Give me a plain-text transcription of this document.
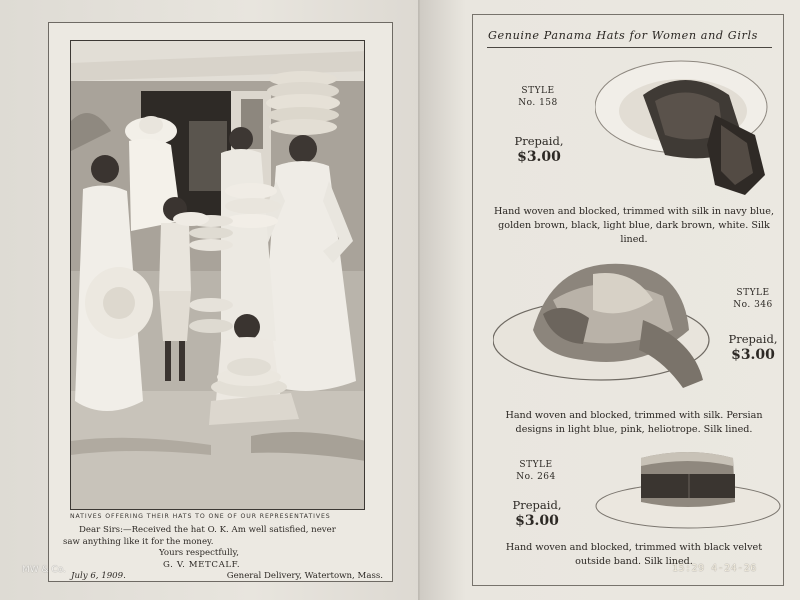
NATIVES OFFERING THEIR HATS TO ONE OF OUR REPRESENTATIVES
Dear Sirs:—Received the hat O. K. Am well satisfied, never
saw anything like it for the money.
Yours respectfully,
G. V. METCALF.
July 6, 1909.	General Delivery, Watertown, Mass.
MW & Co.
Genuine Panama Hats for Women and Girls
STYLE
No. 158
Prepaid,
$3.00
Hand woven and blocked, trimmed with silk in navy blue, golden brown, black, light blue, dark brown, white. Silk lined.
STYLE
No. 346
Prepaid,
$3.00
Hand woven and blocked, trimmed with silk. Persian designs in light blue, pink, heliotrope. Silk lined.
STYLE
No. 264
Prepaid,
$3.00
Hand woven and blocked, trimmed with black velvet outside band. Silk lined.
15:29 4-24-26
